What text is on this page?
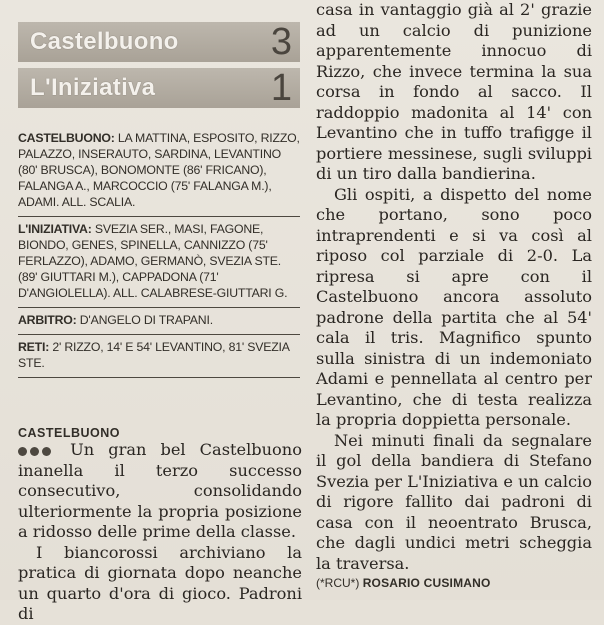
Castelbuono 3
L'Iniziativa	1
CASTELBUONO: LA MATTINA, ESPOSITO, RIZZO, PALAZZO, INSERAUTO, SARDINA, LEVANTINO (80' BRUSCA), BONOMONTE (86' FRICANO), FALANGA A., MARCOCCIO (75' FALANGA M.), ADAMI. ALL. SCALIA.
L'INIZIATIVA: SVEZIA SER., MASI, FAGONE, BIONDO, GENES, SPINELLA, CANNIZZO (75' FERLAZZO), ADAMO, GERMANÒ, SVEZIA STE. (89' GIUTTARI M.), CAPPADONA (71' D'ANGIOLELLA). ALL. CALABRESE-GIUTTARI G.
ARBITRO: D'ANGELO DI TRAPANI.
RETI: 2' RIZZO, 14' E 54' LEVANTINO, 81' SVEZIA STE.
CASTELBUONO

Un gran bel Castelbuono inanella il terzo successo consecutivo, consolidando ulteriormente la propria posizione a ridosso delle prime della classe.

I biancorossi archiviano la pratica di giornata dopo neanche un quarto d'ora di gioco. Padroni di

casa in vantaggio già al 2' grazie ad un calcio di punizione apparentemente innocuo di Rizzo, che invece termina la sua corsa in fondo al sacco. Il raddoppio madonita al 14' con Levantino che in tuffo trafigge il portiere messinese, sugli sviluppi di un tiro dalla bandierina.

Gli ospiti, a dispetto del nome che portano, sono poco intraprendenti e si va così al riposo col parziale di 2-0. La ripresa si apre con il Castelbuono ancora assoluto padrone della partita che al 54' cala il tris. Magnifico spunto sulla sinistra di un indemoniato Adami e pennellata al centro per Levantino, che di testa realizza la propria doppietta personale.

Nei minuti finali da segnalare il gol della bandiera di Stefano Svezia per L'Iniziativa e un calcio di rigore fallito dai padroni di casa con il neoentrato Brusca, che dagli undici metri scheggia la traversa.

(*RCU*) ROSARIO CUSIMANO
